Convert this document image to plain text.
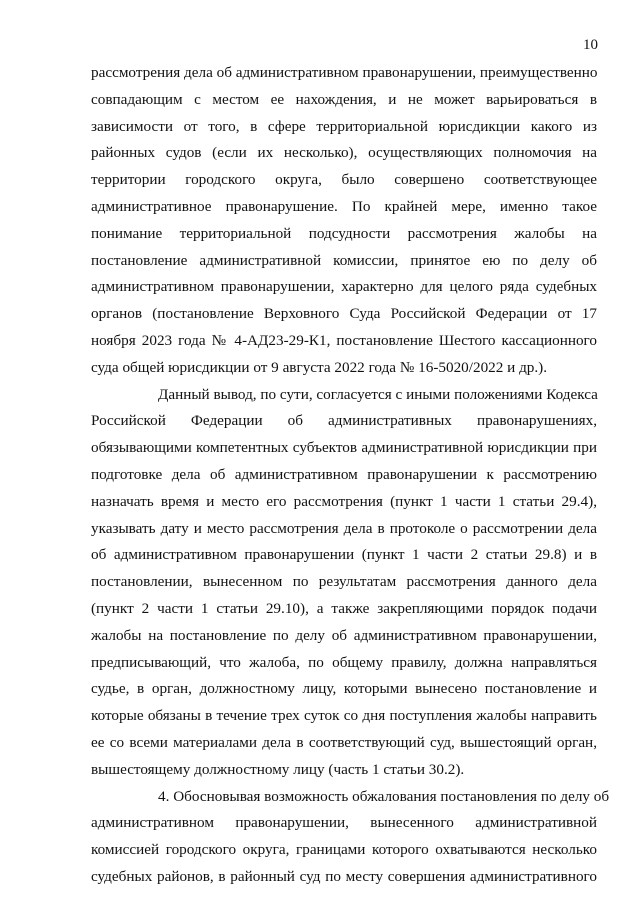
10
рассмотрения дела об административном правонарушении, преимущественно
совпадающим с местом ее нахождения, и не может варьироваться в
зависимости от того, в сфере территориальной юрисдикции какого из
районных судов (если их несколько), осуществляющих полномочия на
территории городского округа, было совершено соответствующее
административное правонарушение. По крайней мере, именно такое
понимание территориальной подсудности рассмотрения жалобы на
постановление административной комиссии, принятое ею по делу об
административном правонарушении, характерно для целого ряда судебных
органов (постановление Верховного Суда Российской Федерации от 17
ноября 2023 года № 4-АД23-29-К1, постановление Шестого кассационного
суда общей юрисдикции от 9 августа 2022 года № 16-5020/2022 и др.).
Данный вывод, по сути, согласуется с иными положениями Кодекса
Российской Федерации об административных правонарушениях,
обязывающими компетентных субъектов административной юрисдикции при
подготовке дела об административном правонарушении к рассмотрению
назначать время и место его рассмотрения (пункт 1 части 1 статьи 29.4),
указывать дату и место рассмотрения дела в протоколе о рассмотрении дела
об административном правонарушении (пункт 1 части 2 статьи 29.8) и в
постановлении, вынесенном по результатам рассмотрения данного дела
(пункт 2 части 1 статьи 29.10), а также закрепляющими порядок подачи
жалобы на постановление по делу об административном правонарушении,
предписывающий, что жалоба, по общему правилу, должна направляться
судье, в орган, должностному лицу, которыми вынесено постановление и
которые обязаны в течение трех суток со дня поступления жалобы направить
ее со всеми материалами дела в соответствующий суд, вышестоящий орган,
вышестоящему должностному лицу (часть 1 статьи 30.2).
4. Обосновывая возможность обжалования постановления по делу об
административном правонарушении, вынесенного административной
комиссией городского округа, границами которого охватываются несколько
судебных районов, в районный суд по месту совершения административного
